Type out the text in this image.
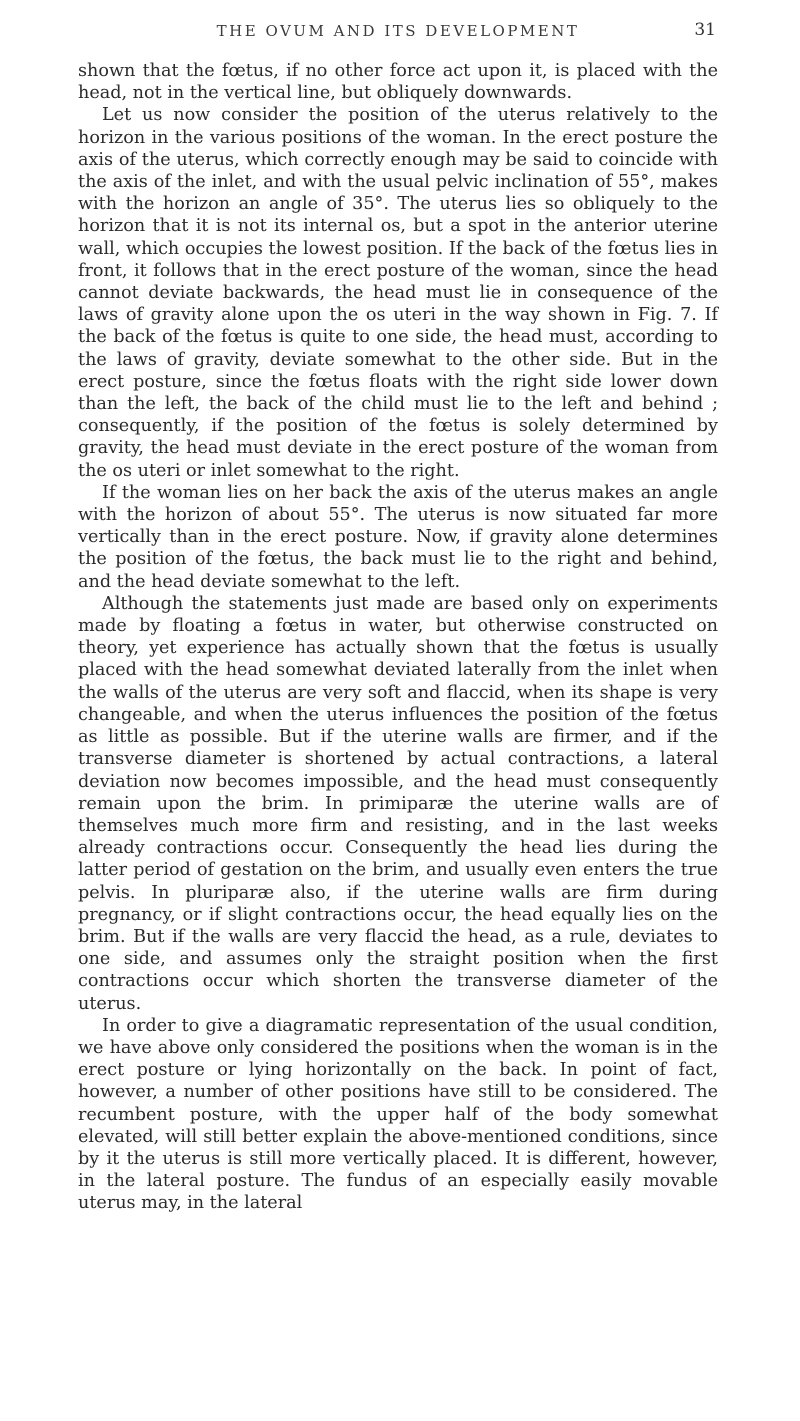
THE OVUM AND ITS DEVELOPMENT	31

shown that the fœtus, if no other force act upon it, is placed with the head, not in the vertical line, but obliquely downwards.

Let us now consider the position of the uterus relatively to the horizon in the various positions of the woman. In the erect posture the axis of the uterus, which correctly enough may be said to coincide with the axis of the inlet, and with the usual pelvic inclination of 55°, makes with the horizon an angle of 35°. The uterus lies so obliquely to the horizon that it is not its internal os, but a spot in the anterior uterine wall, which occupies the lowest position. If the back of the fœtus lies in front, it follows that in the erect posture of the woman, since the head cannot deviate backwards, the head must lie in consequence of the laws of gravity alone upon the os uteri in the way shown in Fig. 7. If the back of the fœtus is quite to one side, the head must, according to the laws of gravity, deviate somewhat to the other side. But in the erect posture, since the fœtus floats with the right side lower down than the left, the back of the child must lie to the left and behind ; consequently, if the position of the fœtus is solely determined by gravity, the head must deviate in the erect posture of the woman from the os uteri or inlet somewhat to the right.

If the woman lies on her back the axis of the uterus makes an angle with the horizon of about 55°. The uterus is now situated far more vertically than in the erect posture. Now, if gravity alone determines the position of the fœtus, the back must lie to the right and behind, and the head deviate somewhat to the left.

Although the statements just made are based only on experiments made by floating a fœtus in water, but otherwise constructed on theory, yet experience has actually shown that the fœtus is usually placed with the head somewhat deviated laterally from the inlet when the walls of the uterus are very soft and flaccid, when its shape is very changeable, and when the uterus influences the position of the fœtus as little as possible. But if the uterine walls are firmer, and if the transverse diameter is shortened by actual contractions, a lateral deviation now becomes impossible, and the head must consequently remain upon the brim. In primiparæ the uterine walls are of themselves much more firm and resisting, and in the last weeks already contractions occur. Consequently the head lies during the latter period of gestation on the brim, and usually even enters the true pelvis. In pluriparæ also, if the uterine walls are firm during pregnancy, or if slight contractions occur, the head equally lies on the brim. But if the walls are very flaccid the head, as a rule, deviates to one side, and assumes only the straight position when the first contractions occur which shorten the transverse diameter of the uterus.

In order to give a diagramatic representation of the usual condition, we have above only considered the positions when the woman is in the erect posture or lying horizontally on the back. In point of fact, however, a number of other positions have still to be considered. The recumbent posture, with the upper half of the body somewhat elevated, will still better explain the above-mentioned conditions, since by it the uterus is still more vertically placed. It is different, however, in the lateral posture. The fundus of an especially easily movable uterus may, in the lateral
